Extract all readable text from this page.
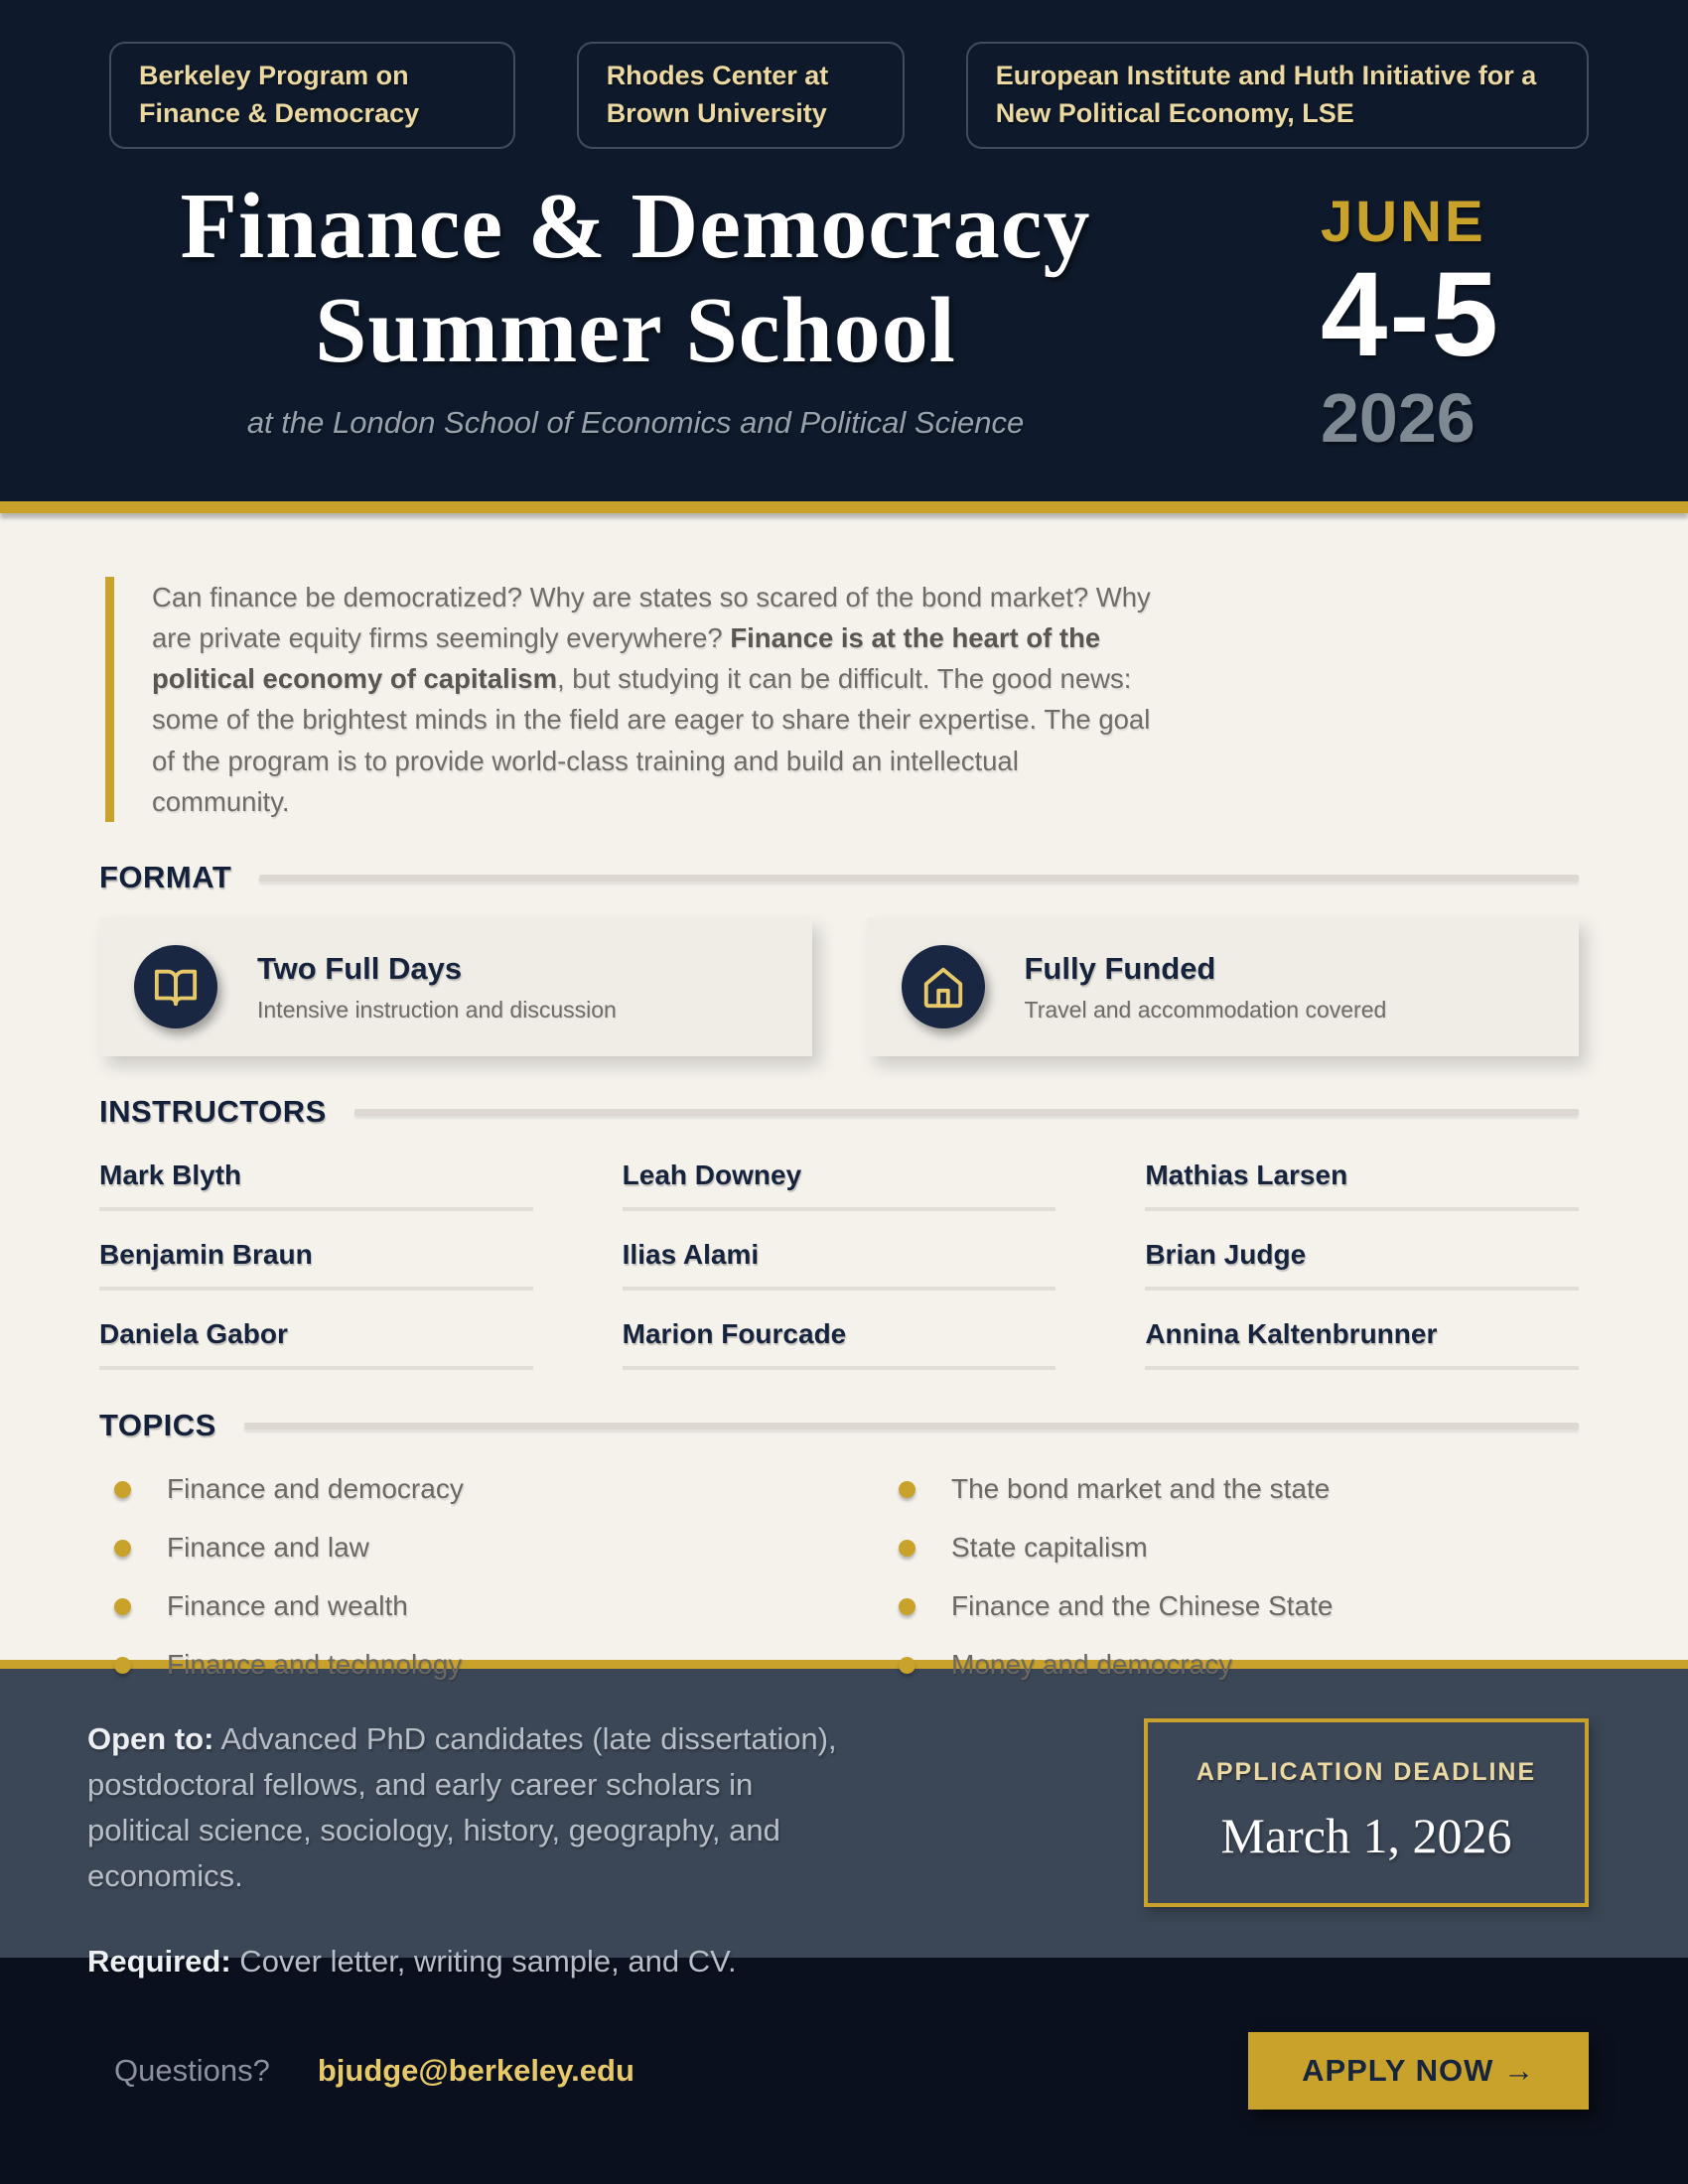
Berkeley Program on Finance & Democracy
Rhodes Center at Brown University
European Institute and Huth Initiative for a New Political Economy, LSE
Finance & Democracy
Summer School

at the London School of Economics and Political Science

JUNE
4-5
2026

Can finance be democratized? Why are states so scared of the bond market? Why are private equity firms seemingly everywhere? Finance is at the heart of the political economy of capitalism, but studying it can be difficult. The good news: some of the brightest minds in the field are eager to share their expertise. The goal of the program is to provide world-class training and build an intellectual community.

FORMAT
Two Full Days
Intensive instruction and discussion
Fully Funded
Travel and accommodation covered
INSTRUCTORS
Mark Blyth	Leah Downey	Mathias Larsen
Benjamin Braun	Ilias Alami	Brian Judge
Daniela Gabor	Marion Fourcade	Annina Kaltenbrunner
TOPICS
Finance and democracy
Finance and law
Finance and wealth
Finance and technology
The bond market and the state
State capitalism
Finance and the Chinese State
Money and democracy

Open to: Advanced PhD candidates (late dissertation), postdoctoral fellows, and early career scholars in political science, sociology, history, geography, and economics.

Required: Cover letter, writing sample, and CV.

APPLICATION DEADLINE
March 1, 2026
Questions? bjudge@berkeley.edu	APPLY NOW →
